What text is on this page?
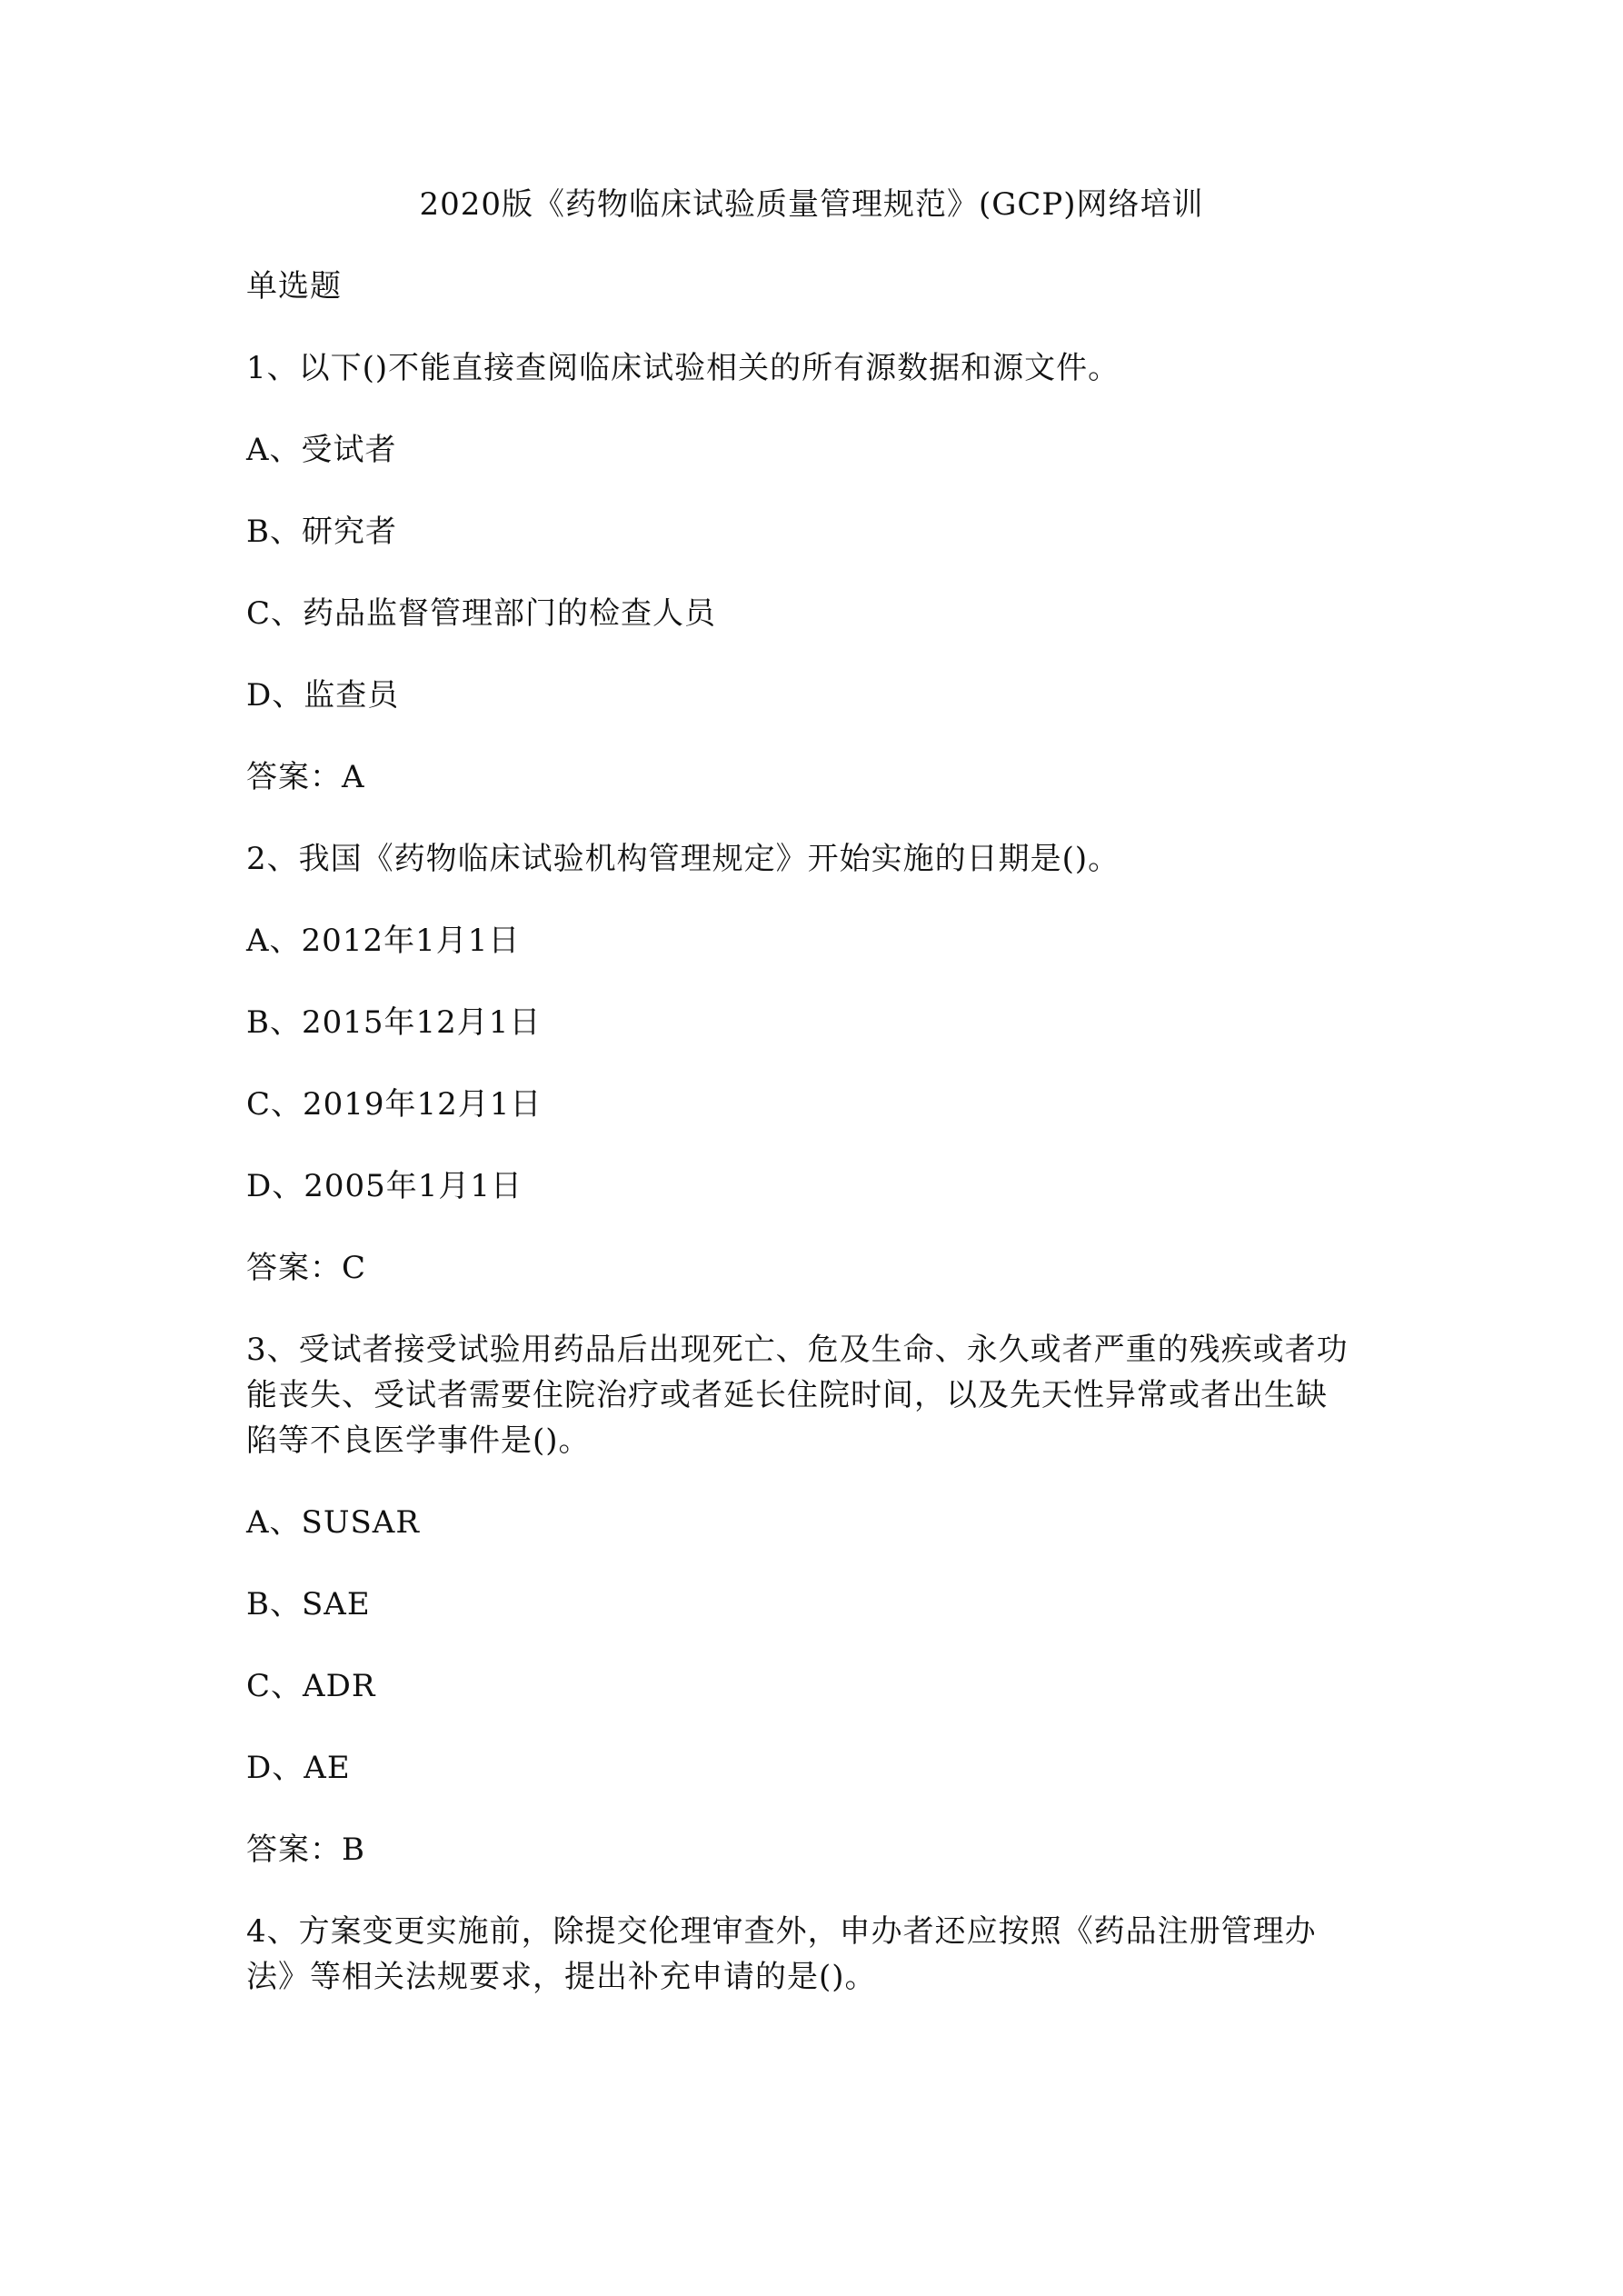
2020版《药物临床试验质量管理规范》(GCP)网络培训
单选题
1、以下()不能直接查阅临床试验相关的所有源数据和源文件。
A、受试者
B、研究者
C、药品监督管理部门的检查人员
D、监查员
答案：A
2、我国《药物临床试验机构管理规定》开始实施的日期是()。
A、2012年1月1日
B、2015年12月1日
C、2019年12月1日
D、2005年1月1日
答案：C
3、受试者接受试验用药品后出现死亡、危及生命、永久或者严重的残疾或者功
能丧失、受试者需要住院治疗或者延长住院时间，以及先天性异常或者出生缺
陷等不良医学事件是()。
A、SUSAR
B、SAE
C、ADR
D、AE
答案：B
4、方案变更实施前，除提交伦理审查外，申办者还应按照《药品注册管理办
法》等相关法规要求，提出补充申请的是()。
